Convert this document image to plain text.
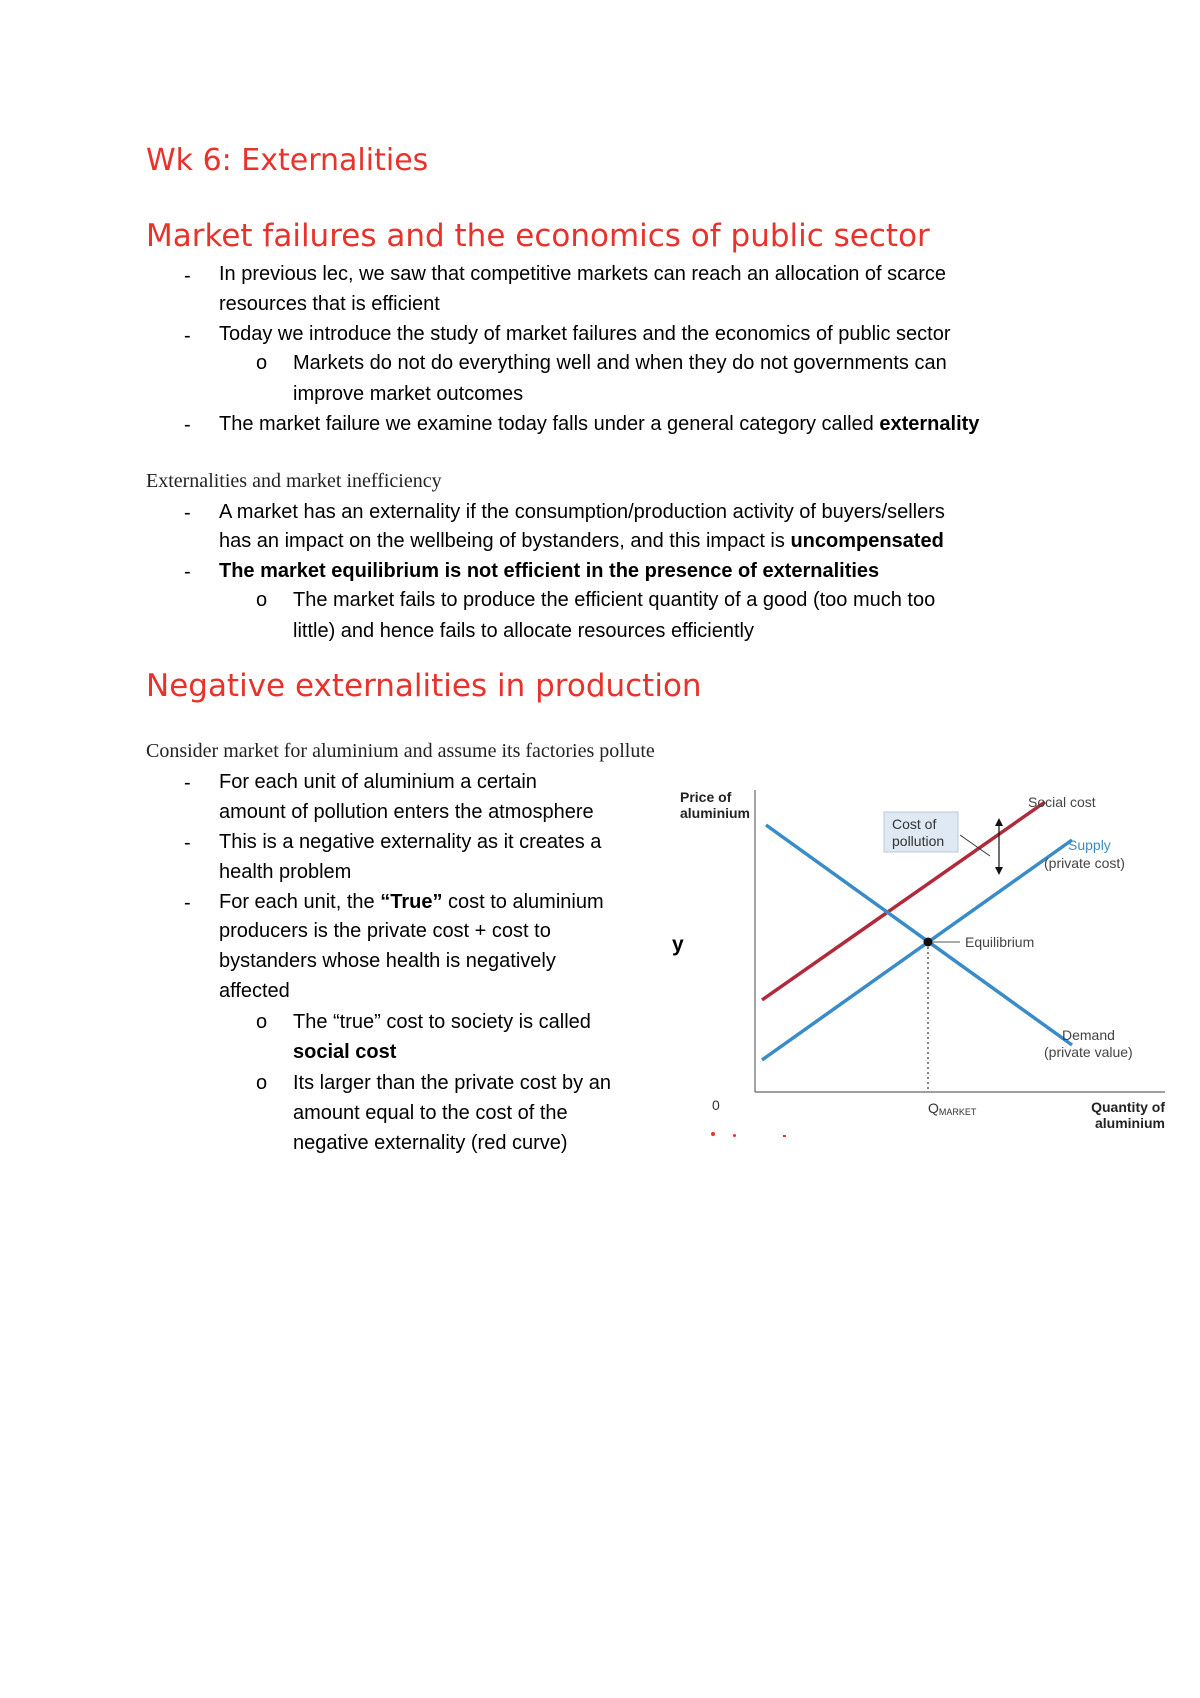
Wk 6: Externalities
Market failures and the economics of public sector
- In previous lec, we saw that competitive markets can reach an allocation of scarce
resources that is efficient
- Today we introduce the study of market failures and the economics of public sector
o Markets do not do everything well and when they do not governments can
improve market outcomes
- The market failure we examine today falls under a general category called externality
Externalities and market inefficiency
- A market has an externality if the consumption/production activity of buyers/sellers
has an impact on the wellbeing of bystanders, and this impact is uncompensated
- The market equilibrium is not efficient in the presence of externalities
o The market fails to produce the efficient quantity of a good (too much too
little) and hence fails to allocate resources efficiently
Negative externalities in production
Consider market for aluminium and assume its factories pollute
- For each unit of aluminium a certain
amount of pollution enters the atmosphere
- This is a negative externality as it creates a
health problem
- For each unit, the “True” cost to aluminium
producers is the private cost + cost to
bystanders whose health is negatively
affected
o The “true” cost to society is called
social cost
o Its larger than the private cost by an
amount equal to the cost of the
negative externality (red curve)
y
Price of
aluminium
Quantity of
aluminium
0	QMARKET
Equilibrium
Social cost
Supply
(private cost)
Demand
(private value)
Cost of
pollution
